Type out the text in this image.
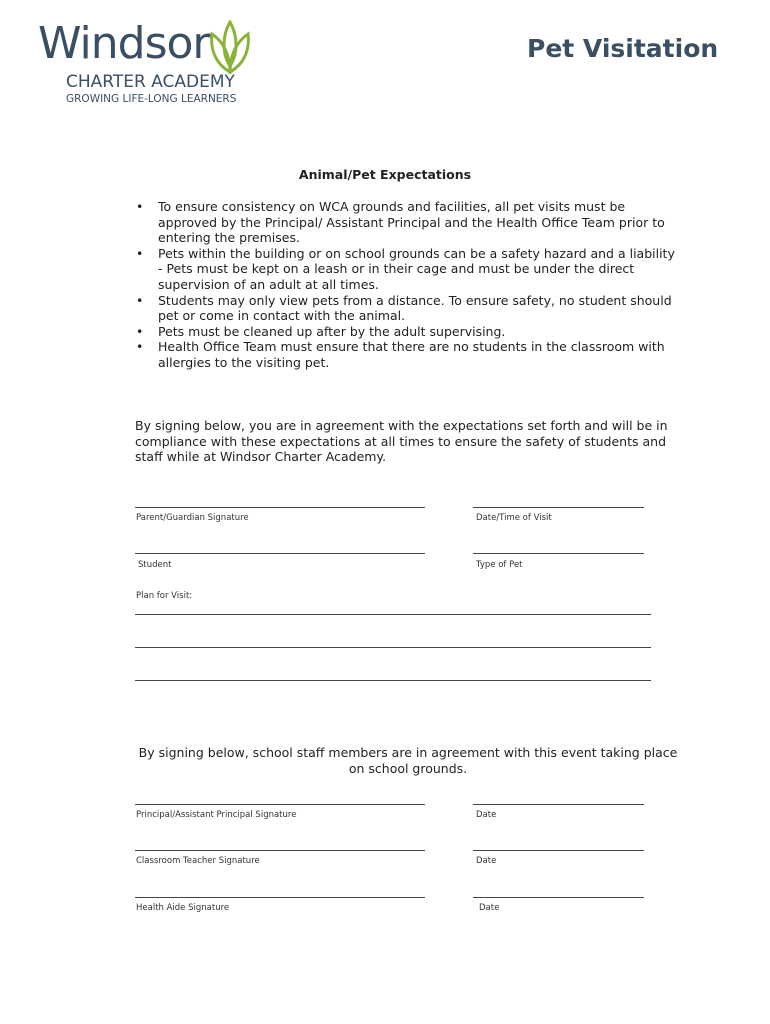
Windsor
CHARTER ACADEMY
GROWING LIFE-LONG LEARNERS
Pet Visitation
Animal/Pet Expectations
• To ensure consistency on WCA grounds and facilities, all pet visits must be approved by the Principal/ Assistant Principal and the Health Office Team prior to entering the premises.
• Pets within the building or on school grounds can be a safety hazard and a liability - Pets must be kept on a leash or in their cage and must be under the direct supervision of an adult at all times.
• Students may only view pets from a distance. To ensure safety, no student should pet or come in contact with the animal.
• Pets must be cleaned up after by the adult supervising.
• Health Office Team must ensure that there are no students in the classroom with allergies to the visiting pet.
By signing below, you are in agreement with the expectations set forth and will be in compliance with these expectations at all times to ensure the safety of students and staff while at Windsor Charter Academy.
Parent/Guardian Signature	Date/Time of Visit
Student	Type of Pet
Plan for Visit:
By signing below, school staff members are in agreement with this event taking place on school grounds.
Principal/Assistant Principal Signature	Date
Classroom Teacher Signature	Date
Health Aide Signature	Date
